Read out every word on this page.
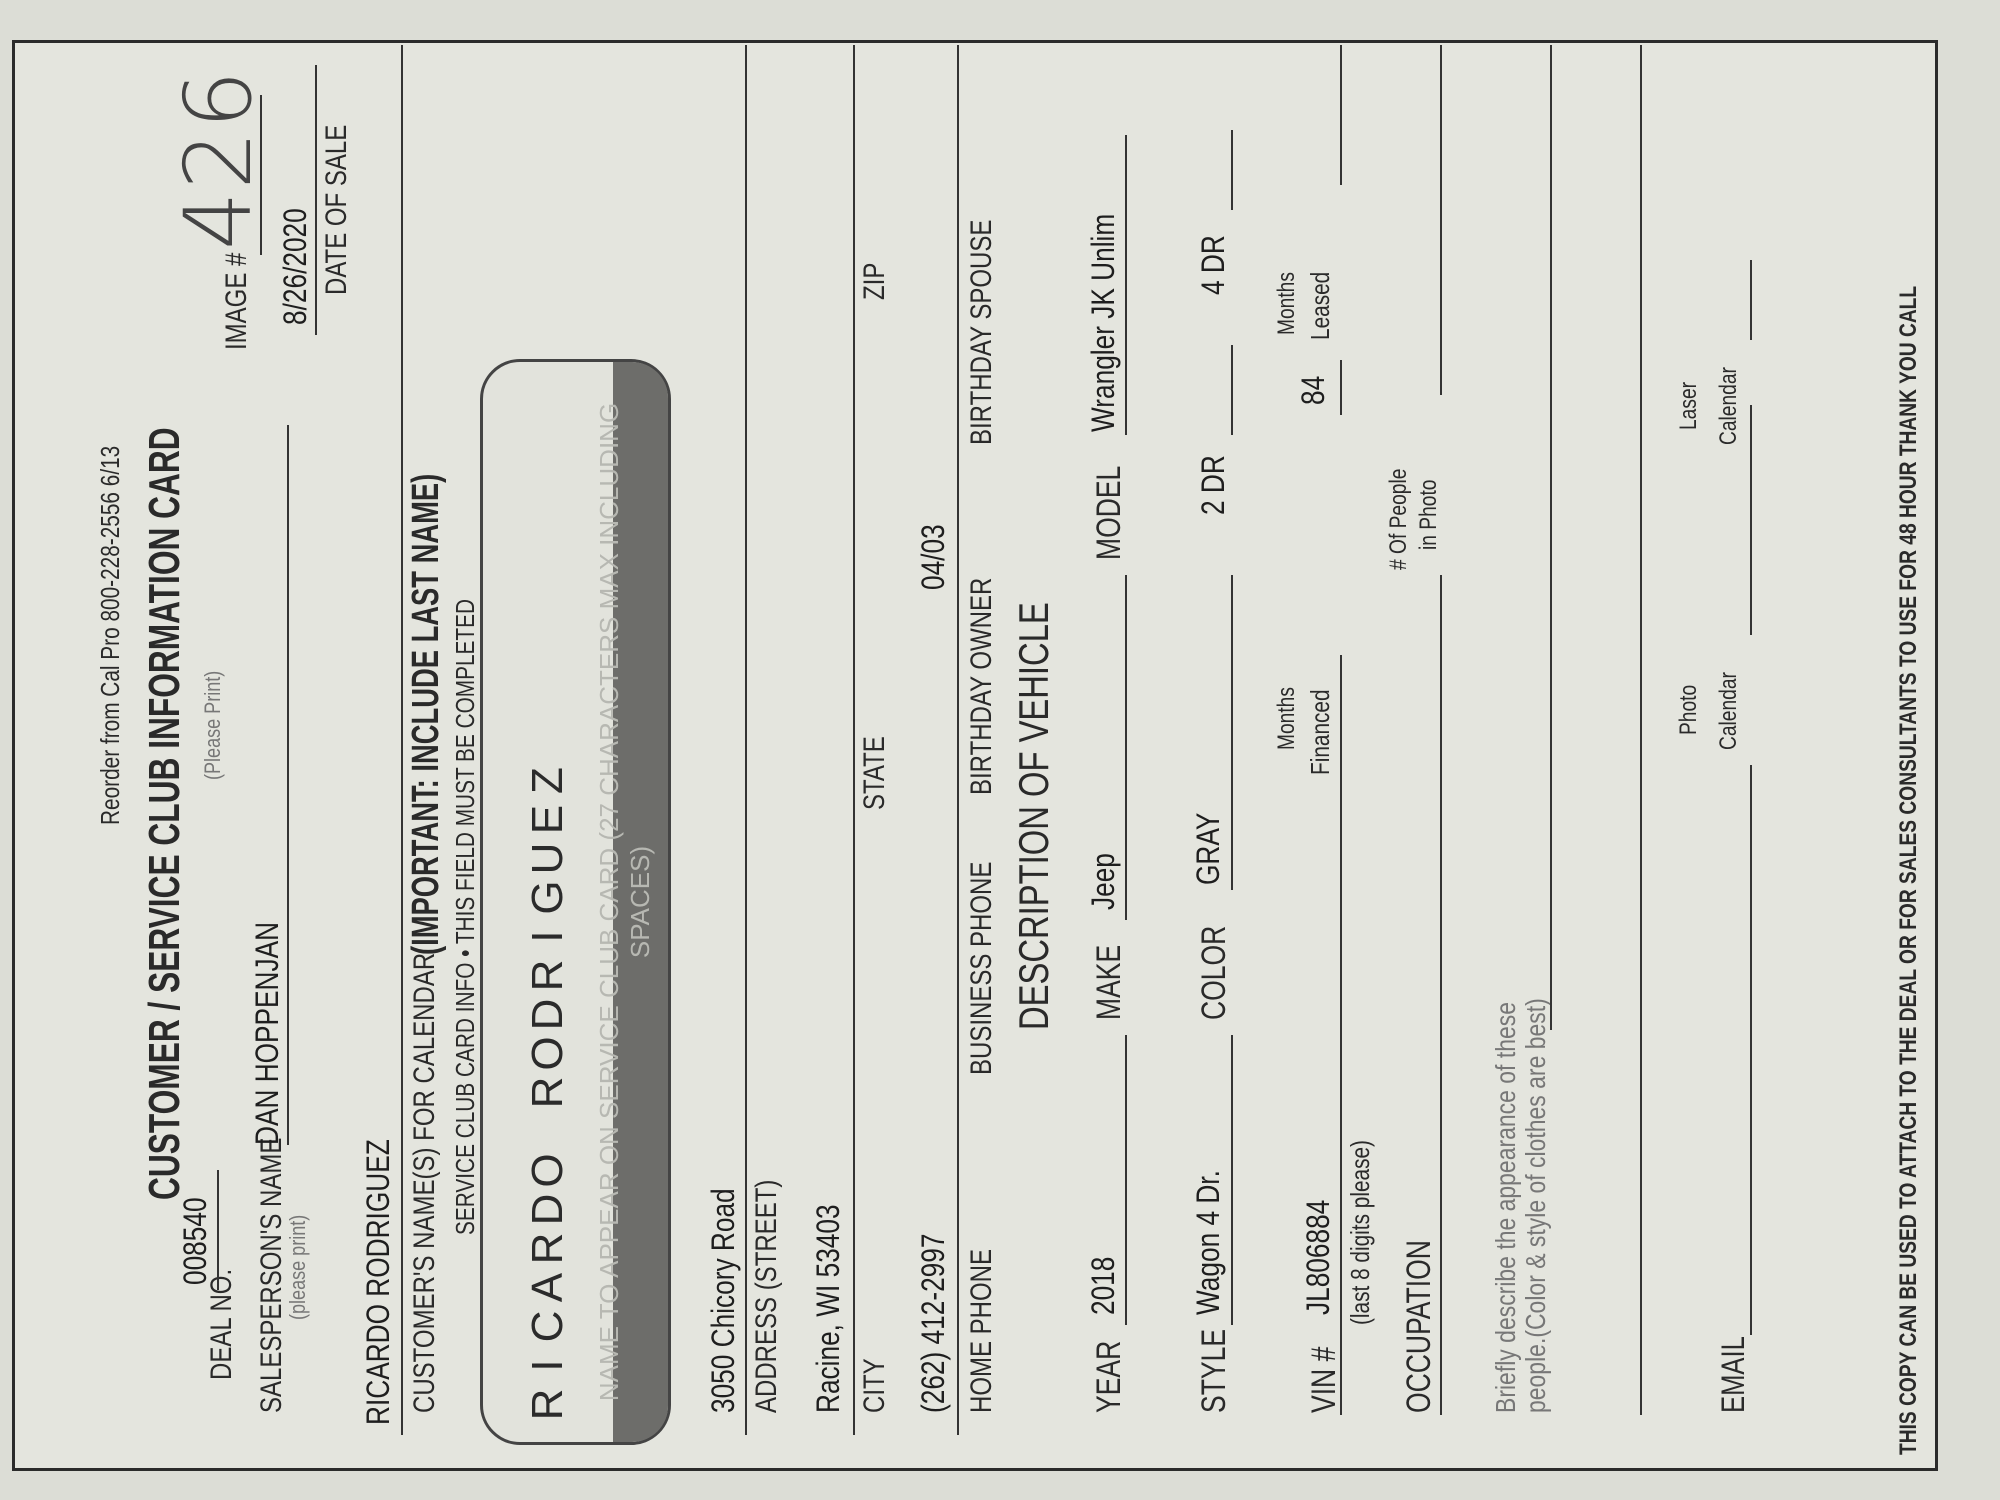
Reorder from Cal Pro 800-228-2556 6/13 CUSTOMER / SERVICE CLUB INFORMATION CARD (Please Print)
IMAGE #
426
DEAL NO.
008540 SALESPERSON'S NAME
(please print)
DAN HOPPENJAN
8/26/2020 DATE OF SALE
RICARDO RODRIGUEZ CUSTOMER'S NAME(S) FOR CALENDAR
(IMPORTANT: INCLUDE LAST NAME) SERVICE CLUB CARD INFO • THIS FIELD MUST BE COMPLETED
RICARDORODRIGUEZ NAME TO APPEAR ON SERVICE CLUB CARD (27 CHARACTERS MAX INCLUDING SPACES)
3050 Chicory Road ADDRESS (STREET) Racine, WI 53403 CITY
STATE
ZIP
(262) 412-2997
04/03
HOME PHONE
BUSINESS PHONE
BIRTHDAY OWNER
BIRTHDAY SPOUSE
DESCRIPTION OF VEHICLE
YEAR
2018
MAKE
Jeep
MODEL
Wrangler JK Unlim
STYLE
Wagon 4 Dr.
COLOR
GRAY
2 DR
4 DR
VIN #
JL806884 (last 8 digits please)
Months Financed
84
Months Leased
OCCUPATION
# Of People in Photo
Briefly describe the appearance of these people.(Color & style of clothes are best)	EMAIL
Photo Calendar
Laser Calendar	THIS COPY CAN BE USED TO ATTACH TO THE DEAL OR FOR SALES CONSULTANTS TO USE FOR 48 HOUR THANK YOU CALL
